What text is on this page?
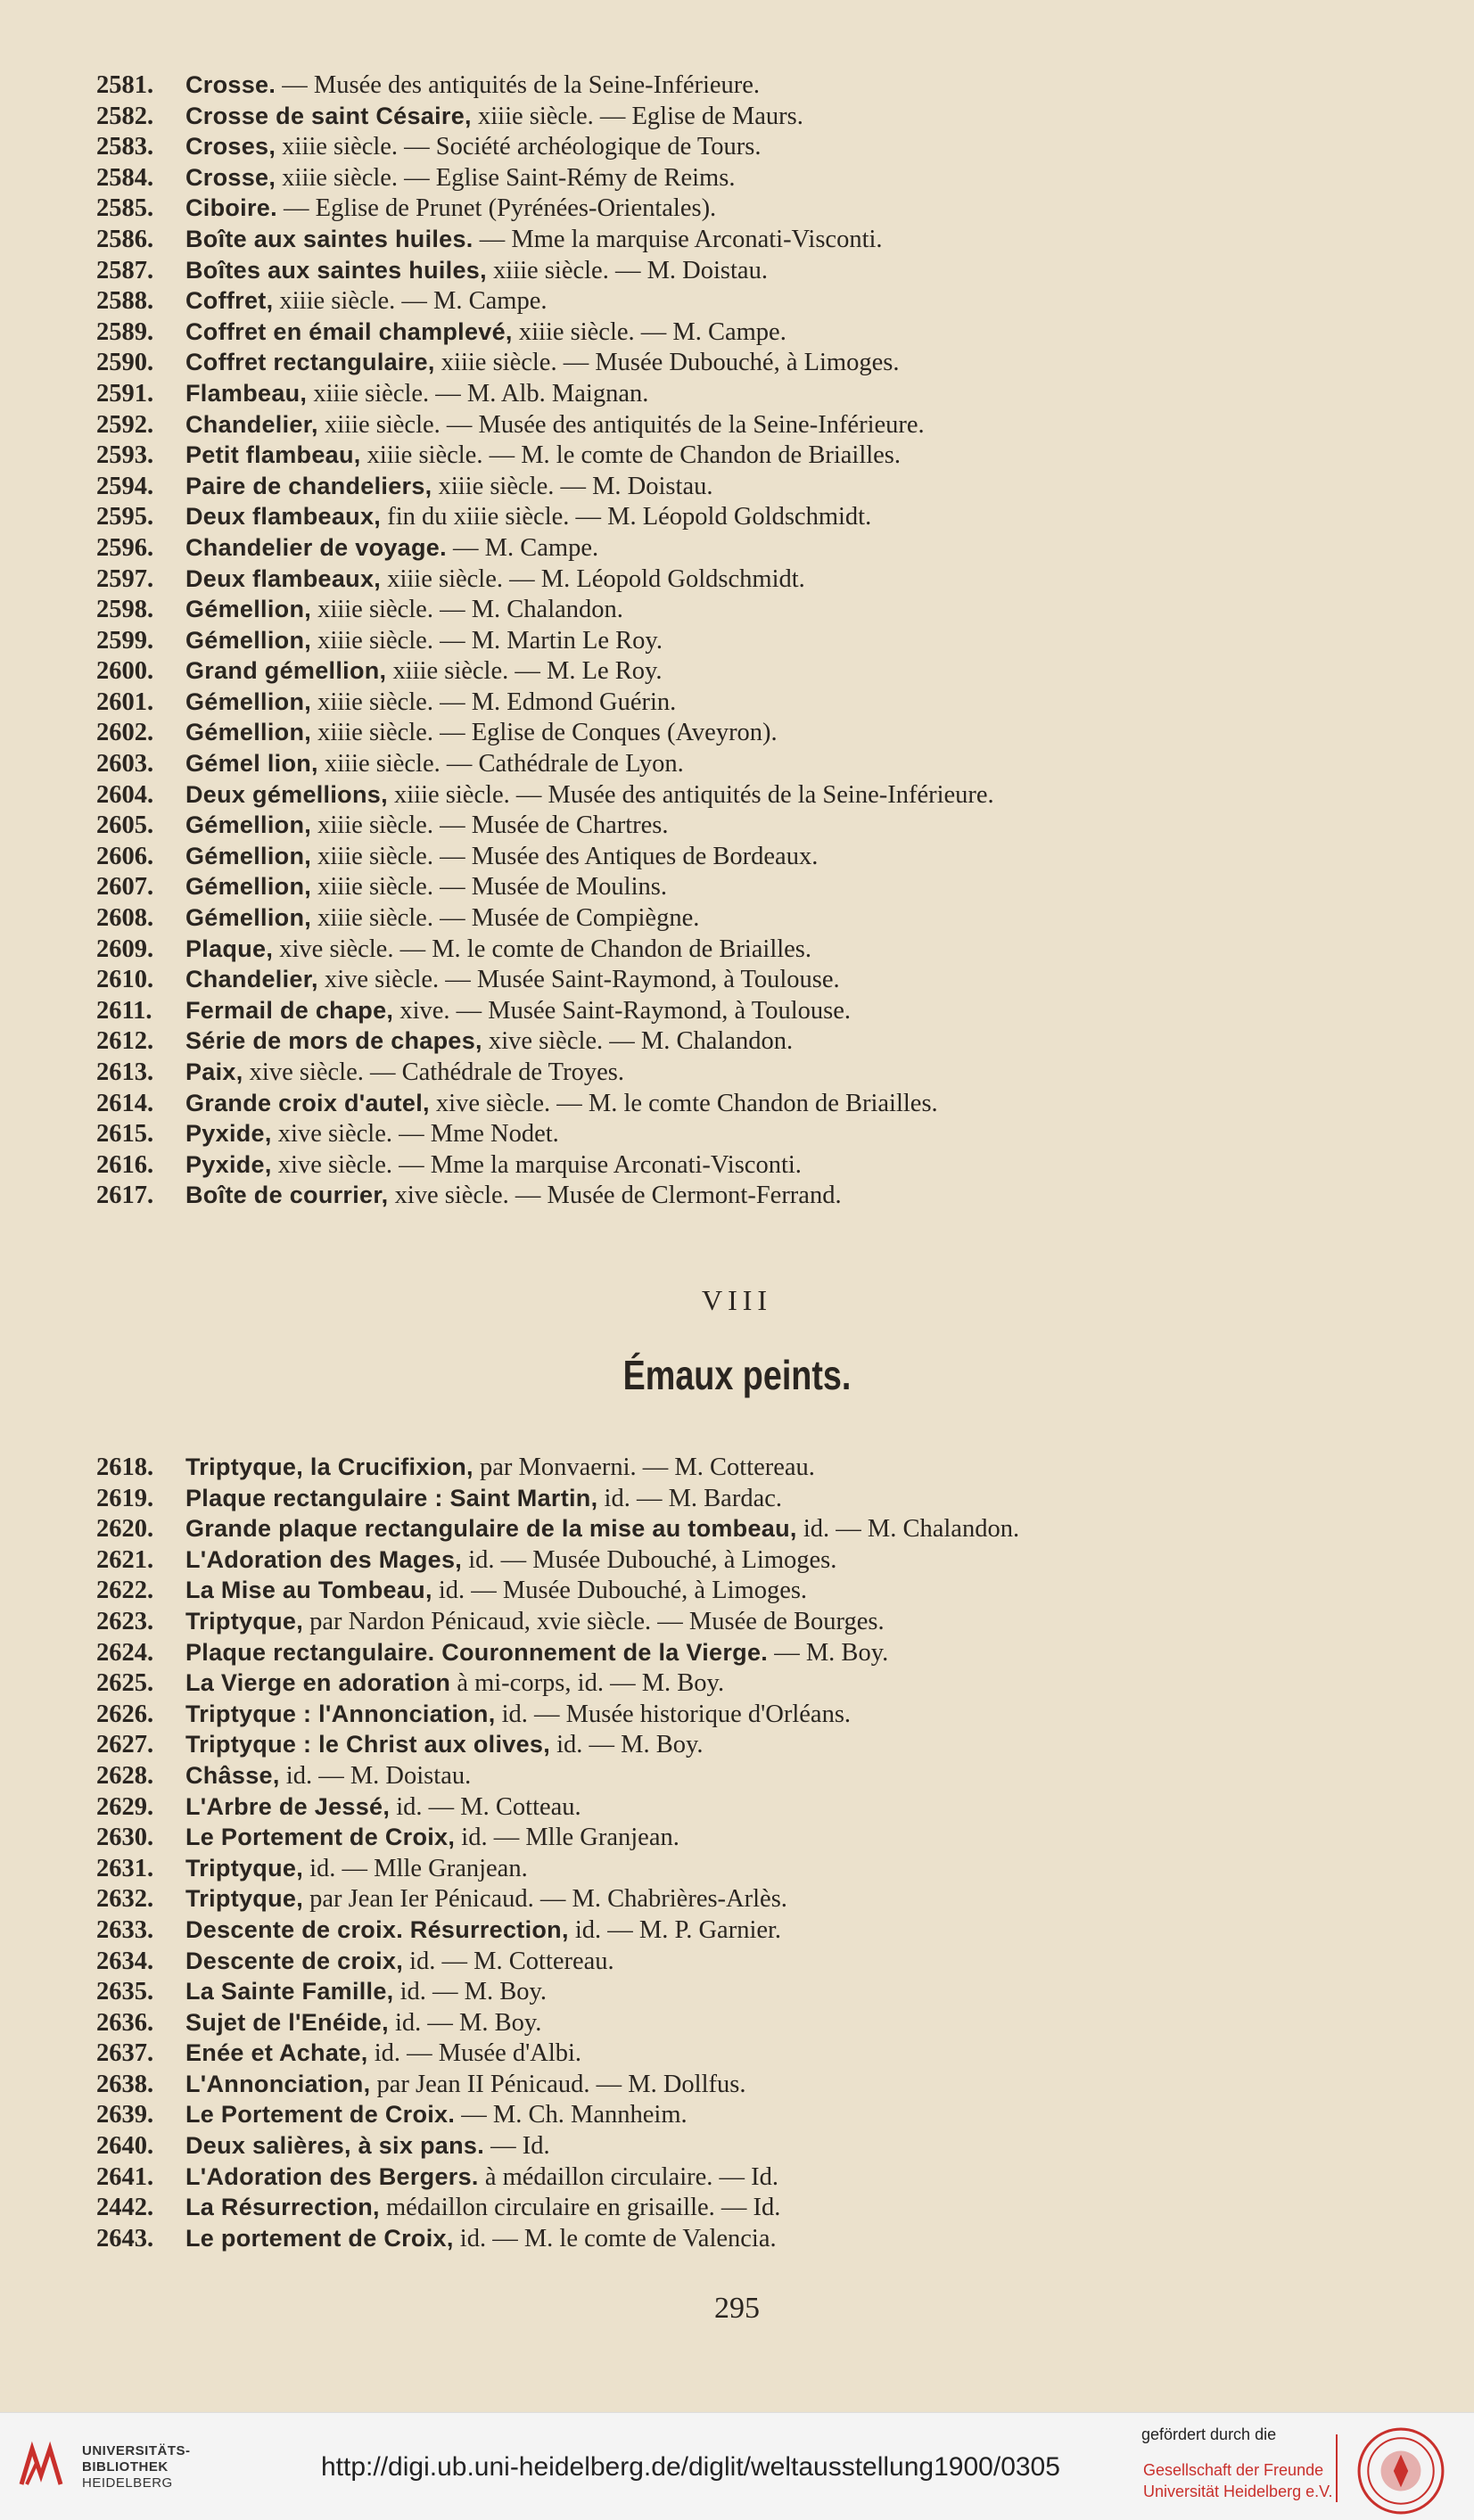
2581. Crosse. — Musée des antiquités de la Seine-Inférieure.
2582. Crosse de saint Césaire, xiiie siècle. — Eglise de Maurs.
2583. Croses, xiiie siècle. — Société archéologique de Tours.
2584. Crosse, xiiie siècle. — Eglise Saint-Rémy de Reims.
2585. Ciboire. — Eglise de Prunet (Pyrénées-Orientales).
2586. Boîte aux saintes huiles. — Mme la marquise Arconati-Visconti.
2587. Boîtes aux saintes huiles, xiiie siècle. — M. Doistau.
2588. Coffret, xiiie siècle. — M. Campe.
2589. Coffret en émail champlevé, xiiie siècle. — M. Campe.
2590. Coffret rectangulaire, xiiie siècle. — Musée Dubouché, à Limoges.
2591. Flambeau, xiiie siècle. — M. Alb. Maignan.
2592. Chandelier, xiiie siècle. — Musée des antiquités de la Seine-Inférieure.
2593. Petit flambeau, xiiie siècle. — M. le comte de Chandon de Briailles.
2594. Paire de chandeliers, xiiie siècle. — M. Doistau.
2595. Deux flambeaux, fin du xiiie siècle. — M. Léopold Goldschmidt.
2596. Chandelier de voyage. — M. Campe.
2597. Deux flambeaux, xiiie siècle. — M. Léopold Goldschmidt.
2598. Gémellion, xiiie siècle. — M. Chalandon.
2599. Gémellion, xiiie siècle. — M. Martin Le Roy.
2600. Grand gémellion, xiiie siècle. — M. Le Roy.
2601. Gémellion, xiiie siècle. — M. Edmond Guérin.
2602. Gémellion, xiiie siècle. — Eglise de Conques (Aveyron).
2603. Gémel lion, xiiie siècle. — Cathédrale de Lyon.
2604. Deux gémellions, xiiie siècle. — Musée des antiquités de la Seine-Inférieure.
2605. Gémellion, xiiie siècle. — Musée de Chartres.
2606. Gémellion, xiiie siècle. — Musée des Antiques de Bordeaux.
2607. Gémellion, xiiie siècle. — Musée de Moulins.
2608. Gémellion, xiiie siècle. — Musée de Compiègne.
2609. Plaque, xive siècle. — M. le comte de Chandon de Briailles.
2610. Chandelier, xive siècle. — Musée Saint-Raymond, à Toulouse.
2611. Fermail de chape, xive. — Musée Saint-Raymond, à Toulouse.
2612. Série de mors de chapes, xive siècle. — M. Chalandon.
2613. Paix, xive siècle. — Cathédrale de Troyes.
2614. Grande croix d'autel, xive siècle. — M. le comte Chandon de Briailles.
2615. Pyxide, xive siècle. — Mme Nodet.
2616. Pyxide, xive siècle. — Mme la marquise Arconati-Visconti.
2617. Boîte de courrier, xive siècle. — Musée de Clermont-Ferrand.
VIII
Émaux peints.
2618. Triptyque, la Crucifixion, par Monvaerni. — M. Cottereau.
2619. Plaque rectangulaire : Saint Martin, id. — M. Bardac.
2620. Grande plaque rectangulaire de la mise au tombeau, id. — M. Chalandon.
2621. L'Adoration des Mages, id. — Musée Dubouché, à Limoges.
2622. La Mise au Tombeau, id. — Musée Dubouché, à Limoges.
2623. Triptyque, par Nardon Pénicaud, xvie siècle. — Musée de Bourges.
2624. Plaque rectangulaire. Couronnement de la Vierge. — M. Boy.
2625. La Vierge en adoration à mi-corps, id. — M. Boy.
2626. Triptyque : l'Annonciation, id. — Musée historique d'Orléans.
2627. Triptyque : le Christ aux olives, id. — M. Boy.
2628. Châsse, id. — M. Doistau.
2629. L'Arbre de Jessé, id. — M. Cotteau.
2630. Le Portement de Croix, id. — Mlle Granjean.
2631. Triptyque, id. — Mlle Granjean.
2632. Triptyque, par Jean Ier Pénicaud. — M. Chabrières-Arlès.
2633. Descente de croix. Résurrection, id. — M. P. Garnier.
2634. Descente de croix, id. — M. Cottereau.
2635. La Sainte Famille, id. — M. Boy.
2636. Sujet de l'Enéide, id. — M. Boy.
2637. Enée et Achate, id. — Musée d'Albi.
2638. L'Annonciation, par Jean II Pénicaud. — M. Dollfus.
2639. Le Portement de Croix. — M. Ch. Mannheim.
2640. Deux salières, à six pans. — Id.
2641. L'Adoration des Bergers. à médaillon circulaire. — Id.
2442. La Résurrection, médaillon circulaire en grisaille. — Id.
2643. Le portement de Croix, id. — M. le comte de Valencia.
295
UNIVERSITÄTS-
BIBLIOTHEK
HEIDELBERG
http://digi.ub.uni-heidelberg.de/diglit/weltausstellung1900/0305
gefördert durch die
Gesellschaft der Freunde
Universität Heidelberg e.V.
